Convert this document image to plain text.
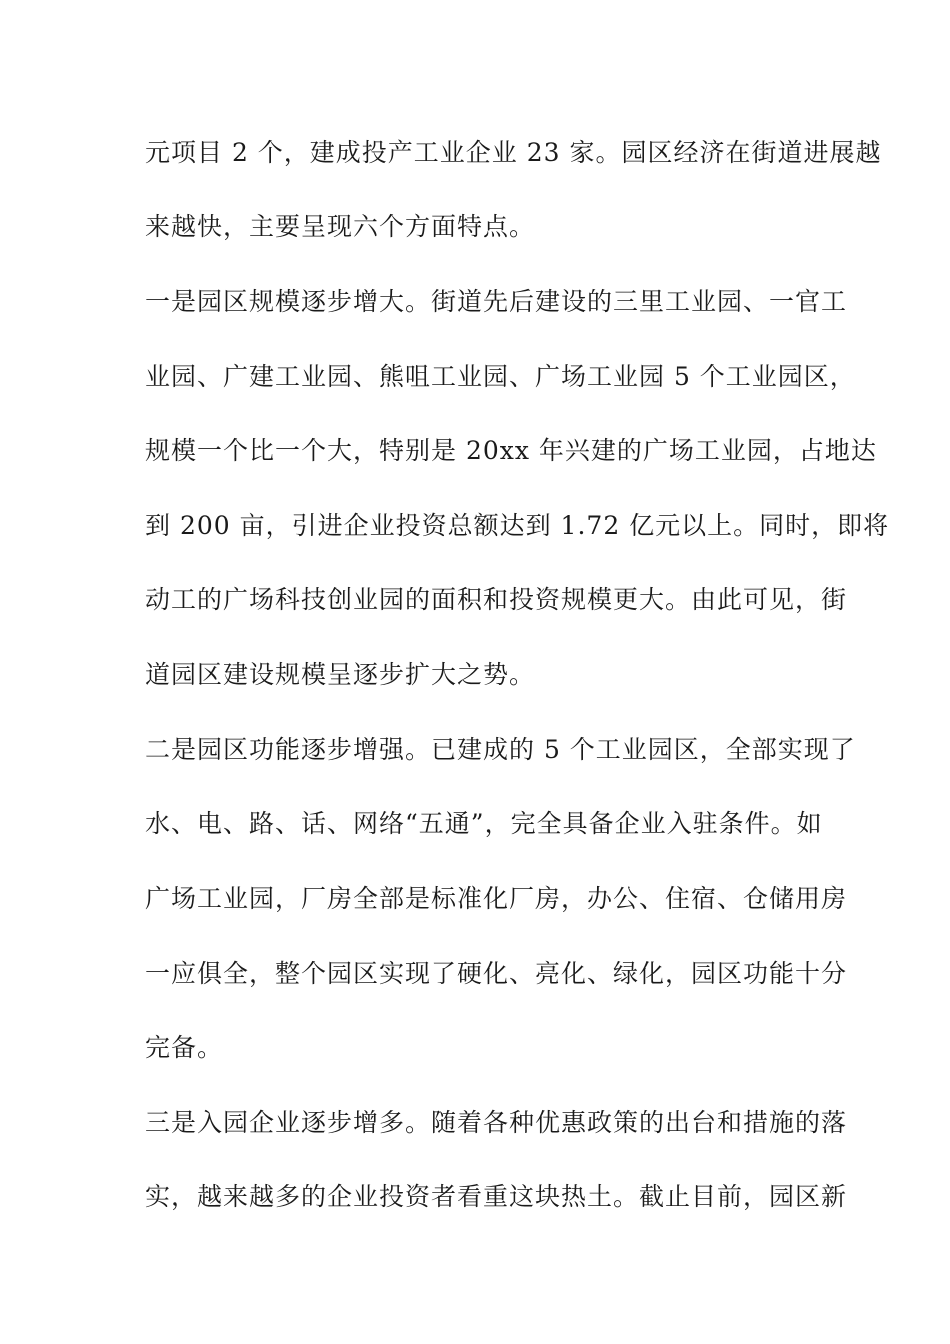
元项目 2 个，建成投产工业企业 23 家。园区经济在街道进展越
来越快，主要呈现六个方面特点。
一是园区规模逐步增大。街道先后建设的三里工业园、一官工
业园、广建工业园、熊咀工业园、广场工业园 5 个工业园区，
规模一个比一个大，特别是 20xx 年兴建的广场工业园，占地达
到 200 亩，引进企业投资总额达到 1.72 亿元以上。同时，即将
动工的广场科技创业园的面积和投资规模更大。由此可见，街
道园区建设规模呈逐步扩大之势。
二是园区功能逐步增强。已建成的 5 个工业园区，全部实现了
水、电、路、话、网络“五通”，完全具备企业入驻条件。如
广场工业园，厂房全部是标准化厂房，办公、住宿、仓储用房
一应俱全，整个园区实现了硬化、亮化、绿化，园区功能十分
完备。
三是入园企业逐步增多。随着各种优惠政策的出台和措施的落
实，越来越多的企业投资者看重这块热土。截止目前，园区新
